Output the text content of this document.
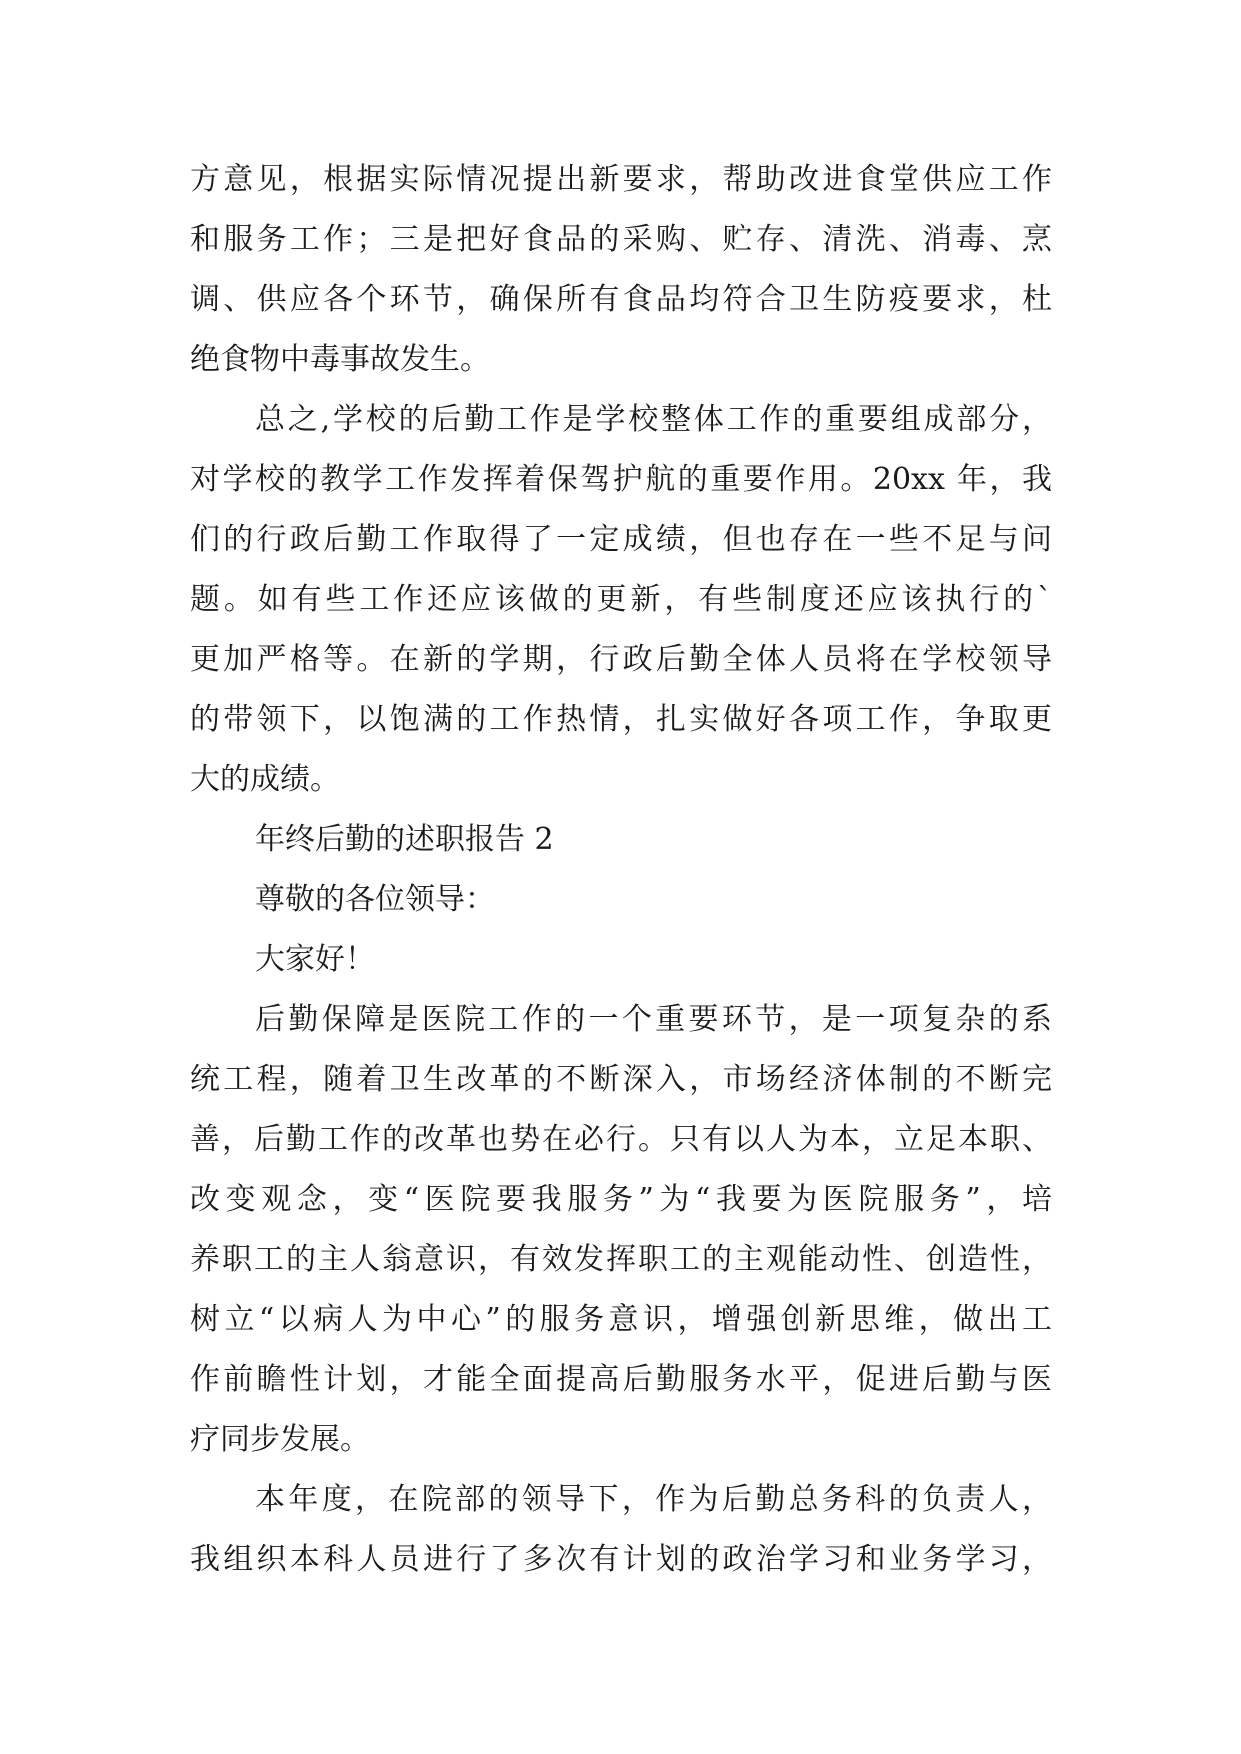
方意见，根据实际情况提出新要求，帮助改进食堂供应工作
和服务工作；三是把好食品的采购、贮存、清洗、消毒、烹
调、供应各个环节，确保所有食品均符合卫生防疫要求，杜
绝食物中毒事故发生。
总之,学校的后勤工作是学校整体工作的重要组成部分，
对学校的教学工作发挥着保驾护航的重要作用。20xx 年，我
们的行政后勤工作取得了一定成绩，但也存在一些不足与问
题。如有些工作还应该做的更新，有些制度还应该执行的`
更加严格等。在新的学期，行政后勤全体人员将在学校领导
的带领下，以饱满的工作热情，扎实做好各项工作，争取更
大的成绩。
年终后勤的述职报告 2
尊敬的各位领导：
大家好！
后勤保障是医院工作的一个重要环节，是一项复杂的系
统工程，随着卫生改革的不断深入，市场经济体制的不断完
善，后勤工作的改革也势在必行。只有以人为本，立足本职、
改变观念，变“医院要我服务”为“我要为医院服务”，培
养职工的主人翁意识，有效发挥职工的主观能动性、创造性，
树立“以病人为中心”的服务意识，增强创新思维，做出工
作前瞻性计划，才能全面提高后勤服务水平，促进后勤与医
疗同步发展。
本年度，在院部的领导下，作为后勤总务科的负责人，
我组织本科人员进行了多次有计划的政治学习和业务学习，
